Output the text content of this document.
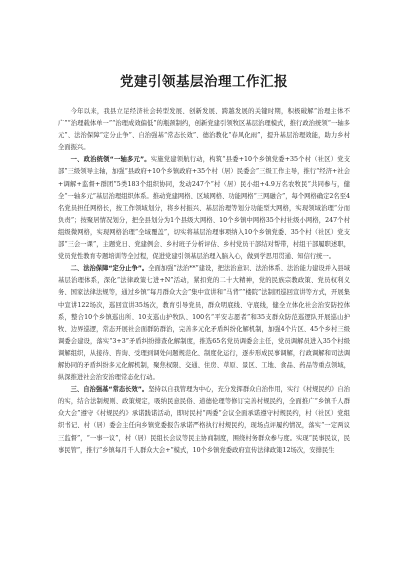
党建引领基层治理工作汇报

今年以来，我县立足经济社会转型发展、创新发展、跨越发展的关键时期，积极破解“治理主体不广”“治理载体单一”“治理成效偏低”的瓶颈制约，创新党建引领牧区基层治理模式，推行政治统领“一轴多元”、法治保障“定分止争”、自治强基“常态长效”、德治教化“春风化雨”，提升基层治理效能，助力乡村全面振兴。

一、政治统领“一轴多元”。实施党建领航行动，构筑“县委+10个乡镇党委+35个村（社区）党支部”三级领导主轴，加强“县政府+10个乡镇政府+35个村（居）民委会”三级工作主导，推行“经济+社会+调解+监督+群团”5类183个组织协同，发动247个“村（居）民小组+4.9万名农牧民”共同参与，健全“一轴多元”基层治理组织体系。推动党建网格、区域网格、功能网格“三网融合”，每个网格确定2名至4名党员担任网格长，按工作领域划分，将乡村振兴、基层治理等划分功能型大网格，实现领域治理“分而负责”；按聚居情况划分，把全县划分为1个县级大网格、10个乡镇中网格35个村社级小网格，247个村组级微网格，实现网格治理“全域覆盖”，切实将基层治理事项纳入10个乡镇党委、35个村（社区）党支部“三会一课”，主题党日、党建例会、乡村班子分析评估、乡村党员干部结对帮带，村组干部履职述职，党员党性教育专题培训等全过程，促进党建引领基层治理入脑入心，做到学思用贯通、知信行统一。

二、法治保障“定分止争”。全面加强“法治**”建设，把法治意识、法治体系、法治能力建设并入县域基层治理体系，深化“法律政策七进+N”活动，紧扣党的二十大精神，党的民族宗教政策、党员权利义务、国家法律法规等，通过乡镇“每月群众大会”集中宣讲和“马背”“楼院”法制团巡回宣讲等方式，开展集中宣讲122场次，巡回宣讲35场次，教育引导党员，群众明底线、守底线，健全立体化社会治安防控体系，整合10个乡镇巡出所、10支巡山护牧队、100名“平安志愿者”和35支群众防范巡逻队开展巡山护牧、边界巡逻，常态开展社会面群防群治，完善多元化矛盾纠纷化解机制，加强4个片区、45个乡村三级调委会建设，落实“3+3”矛盾纠纷排查化解制度，推选65名党员调委会主任，党员调解员进入35个村级调解组织，从接待、咨询、受理到调处问题规范化、制度化运行，逐步形成民事调解，行政调解和司法调解协同的矛盾纠纷多元化解机制，聚焦权限、交通、住房、草原、景区、工地、食品、药品等重点领域，纵深推进社会治安治理常态化行动。

三、自治强基“常态长效”。坚持以自我管理为中心，充分发挥群众自治作用，实行《村规民约》自治的实，结合法制规则、政策规定，吸纳民意民俗、道德伦理等修订完善村规民约，全面推广“乡镇千人群众大会”遵守《村规民约》承诺践诺活动，即时民村“两委”会议全面承诺遵守村规民约，村（社区）党组织书记、村（居）委会主任向乡镇党委报告承诺严格执行村规民约，现场点评履约情况，落实“一定两议三监督”，“一事一议”，村（居）民组长会议等民主协商制度，围绕村务群众参与度。实现“民事民议，民事民管”，推行“乡镇每月千人群众大会+”模式，10个乡镇党委政府宣传法律政策12场次，安排民生
